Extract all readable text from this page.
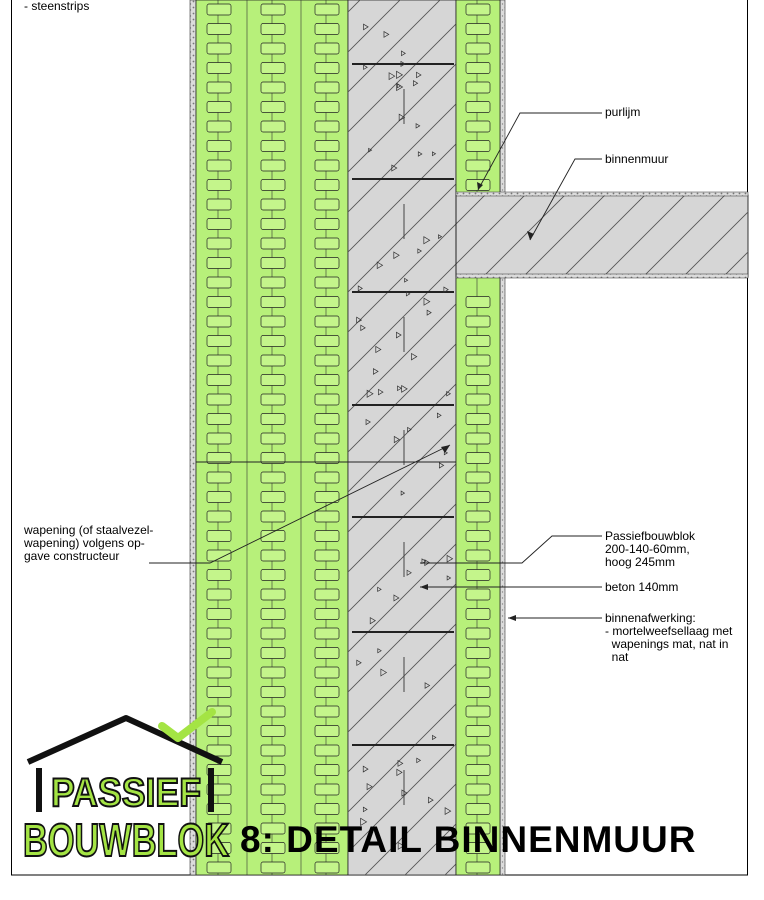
- steenstrips
purlijm
binnenmuur
wapening (of staalvezel-
wapening) volgens op-
gave constructeur
Passiefbouwblok
200-140-60mm,
hoog 245mm
beton 140mm
binnenafwerking:
- mortelweefsellaag met
wapenings mat, nat in
nat
PASSIEF
BOUWBLOK 8: DETAIL BINNENMUUR
